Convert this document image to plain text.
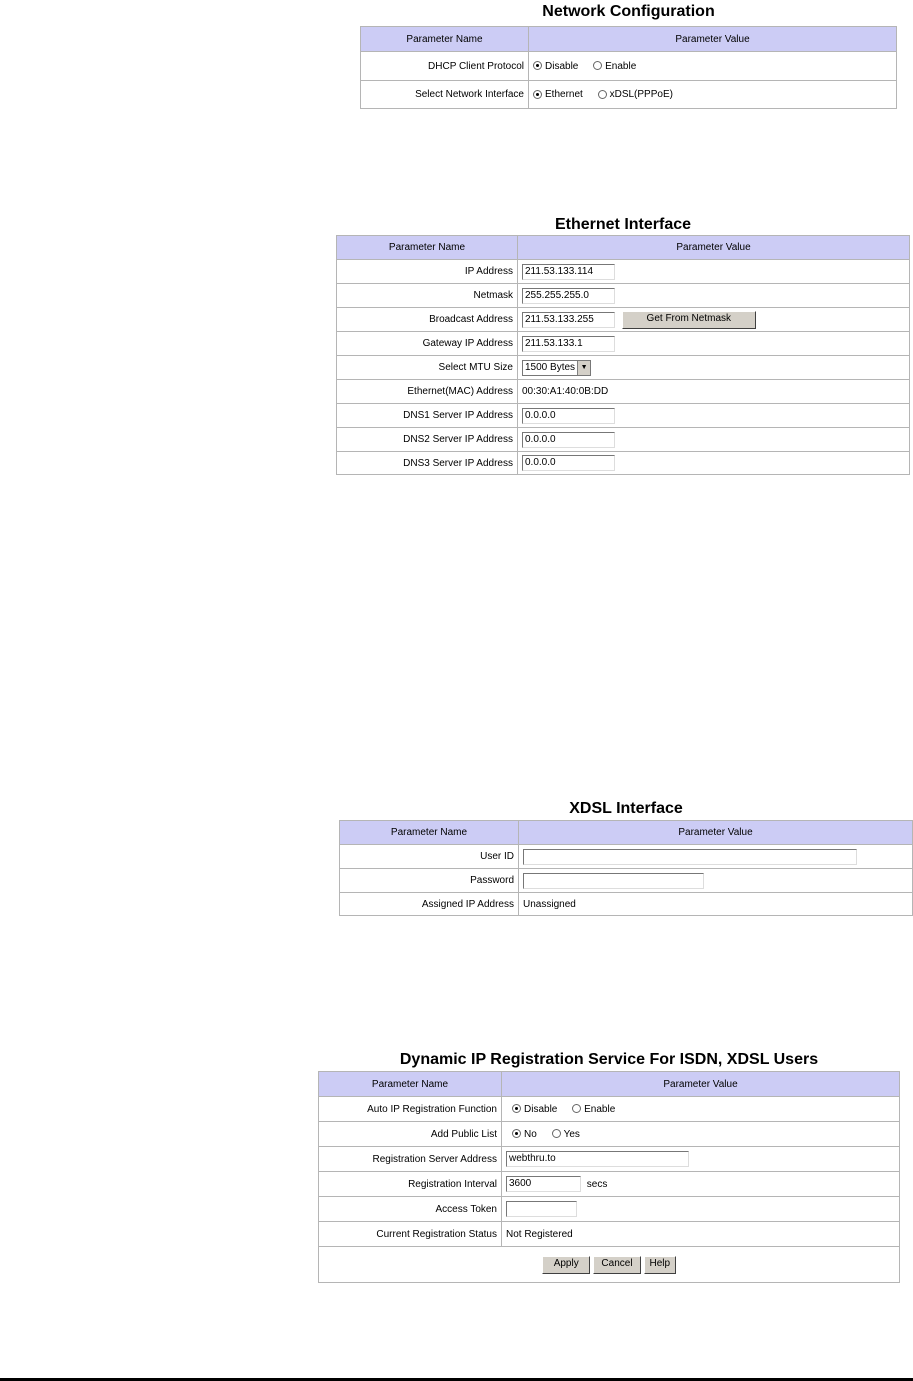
Network Configuration
Parameter Name	Parameter Value
DHCP Client Protocol	Disable Enable
Select Network Interface	Ethernet xDSL(PPPoE)
Ethernet Interface
Parameter Name	Parameter Value
IP Address	211.53.133.114
Netmask	255.255.255.0
Broadcast Address	211.53.133.255 Get From Netmask
Gateway IP Address	211.53.133.1
Select MTU Size	1500 Bytes ▼

Ethernet(MAC) Address	00:30:A1:40:0B:DD
DNS1 Server IP Address	0.0.0.0
DNS2 Server IP Address	0.0.0.0
DNS3 Server IP Address	0.0.0.0
XDSL Interface
Parameter Name	Parameter Value
User ID	
Password	
Assigned IP Address	Unassigned
Dynamic IP Registration Service For ISDN, XDSL Users
Parameter Name	Parameter Value
Auto IP Registration Function	Disable Enable
Add Public List	No Yes
Registration Server Address	webthru.to
Registration Interval	3600 secs
Access Token	
Current Registration Status	Not Registered
Apply Cancel Help	
